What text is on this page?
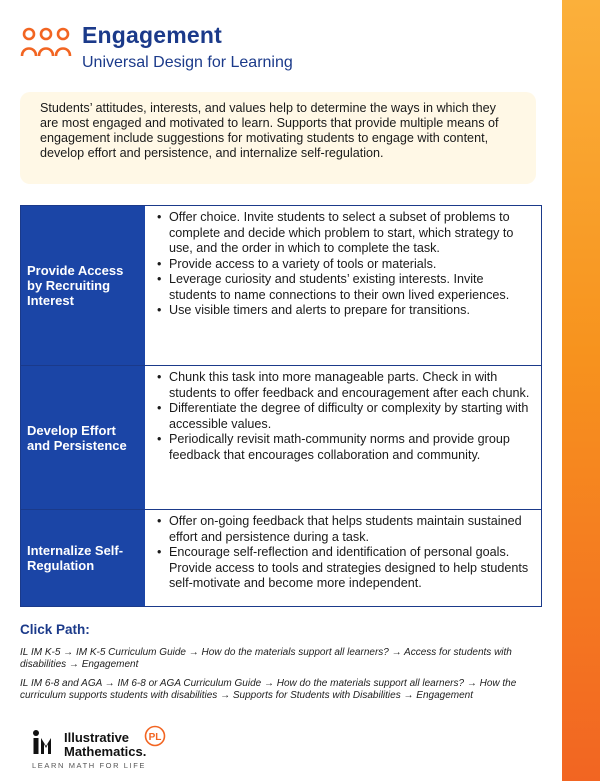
Engagement
Universal Design for Learning
Students’ attitudes, interests, and values help to determine the ways in which they are most engaged and motivated to learn. Supports that provide multiple means of engagement include suggestions for motivating students to engage with content, develop effort and persistence, and internalize self-regulation.
Provide Access by Recruiting Interest
• Offer choice. Invite students to select a subset of problems to complete and decide which problem to start, which strategy to use, and the order in which to complete the task.
• Provide access to a variety of tools or materials.
• Leverage curiosity and students’ existing interests. Invite students to name connections to their own lived experiences.
• Use visible timers and alerts to prepare for transitions.
Develop Effort and Persistence
• Chunk this task into more manageable parts. Check in with students to offer feedback and encouragement after each chunk.
• Differentiate the degree of difficulty or complexity by starting with accessible values.
• Periodically revisit math-community norms and provide group feedback that encourages collaboration and community.
Internalize Self-Regulation
• Offer on-going feedback that helps students maintain sustained effort and persistence during a task.
• Encourage self-reflection and identification of personal goals. Provide access to tools and strategies designed to help students self-motivate and become more independent.
Click Path:

IL IM K-5 → IM K-5 Curriculum Guide → How do the materials support all learners? → Access for students with disabilities → Engagement

IL IM 6-8 and AGA → IM 6-8 or AGA Curriculum Guide → How do the materials support all learners? → How the curriculum supports students with disabilities → Supports for Students with Disabilities → Engagement

Illustrative
Mathematics.
LEARN MATH FOR LIFE
PL
